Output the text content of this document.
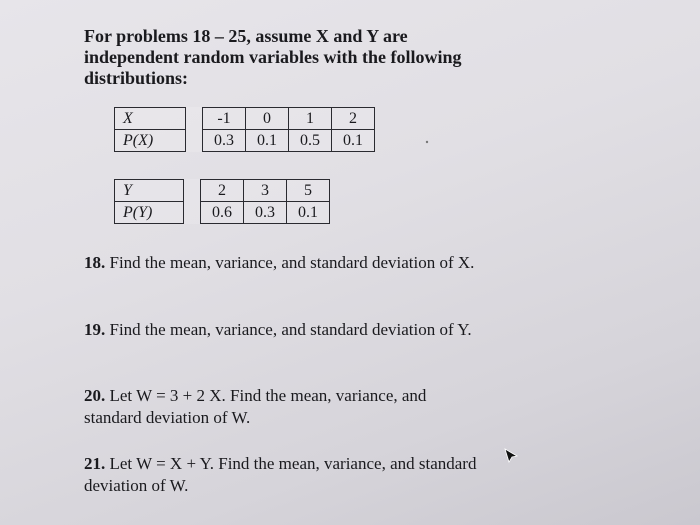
For problems 18 – 25, assume X and Y are independent random variables with the following distributions:
X		-1	0	1	2
P(X)		0.3	0.1	0.5	0.1
Y		2	3	5
P(Y)		0.6	0.3	0.1
18. Find the mean, variance, and standard deviation of X.
19. Find the mean, variance, and standard deviation of Y.
20. Let W = 3 + 2 X. Find the mean, variance, and standard deviation of W.
21. Let W = X + Y. Find the mean, variance, and standard deviation of W.
